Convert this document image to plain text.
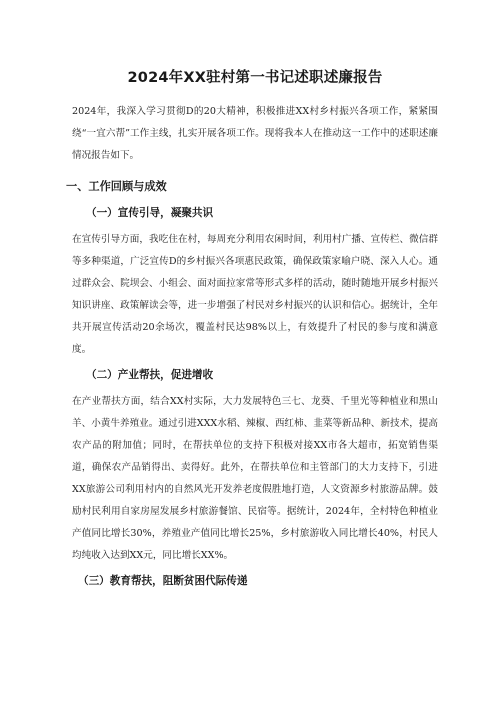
2024年XX驻村第一书记述职述廉报告

2024年，我深入学习贯彻D的20大精神，积极推进XX村乡村振兴各项工作，紧紧围绕“一宜六帮”工作主线，扎实开展各项工作。现将我本人在推动这一工作中的述职述廉情况报告如下。

一、工作回顾与成效
（一）宣传引导，凝聚共识

在宣传引导方面，我吃住在村，每周充分利用农闲时间，利用村广播、宣传栏、微信群等多种渠道，广泛宣传D的乡村振兴各项惠民政策，确保政策家喻户晓、深入人心。通过群众会、院坝会、小组会、面对面拉家常等形式多样的活动，随时随地开展乡村振兴知识讲座、政策解读会等，进一步增强了村民对乡村振兴的认识和信心。据统计，全年共开展宣传活动20余场次，覆盖村民达98%以上，有效提升了村民的参与度和满意度。

（二）产业帮扶，促进增收

在产业帮扶方面，结合XX村实际，大力发展特色三七、龙葵、千里光等种植业和黑山羊、小黄牛养殖业。通过引进XXX水稻、辣椒、西红柿、韭菜等新品种、新技术，提高农产品的附加值；同时，在帮扶单位的支持下积极对接XX市各大超市，拓宽销售渠道，确保农产品销得出、卖得好。此外，在帮扶单位和主管部门的大力支持下，引进XX旅游公司利用村内的自然风光开发养老度假胜地打造，人文资源乡村旅游品牌。鼓励村民利用自家房屋发展乡村旅游餐馆、民宿等。据统计，2024年，全村特色种植业产值同比增长30%，养殖业产值同比增长25%，乡村旅游收入同比增长40%，村民人均纯收入达到XX元，同比增长XX%。

（三）教育帮扶，阻断贫困代际传递
